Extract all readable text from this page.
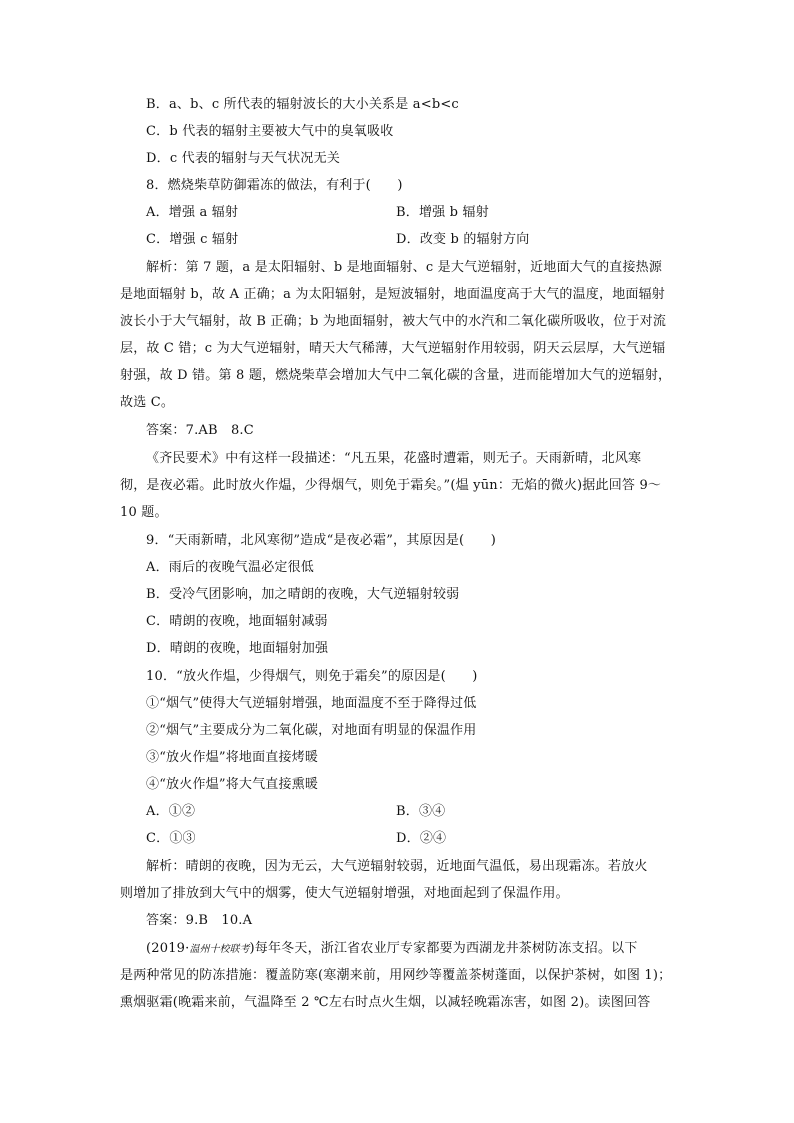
B．a、b、c 所代表的辐射波长的大小关系是 a<b<c
C．b 代表的辐射主要被大气中的臭氧吸收
D．c 代表的辐射与天气状况无关
8．燃烧柴草防御霜冻的做法，有利于(　　)
A．增强 a 辐射	B．增强 b 辐射
C．增强 c 辐射	D．改变 b 的辐射方向
解析：第 7 题，a 是太阳辐射、b 是地面辐射、c 是大气逆辐射，近地面大气的直接热源
是地面辐射 b，故 A 正确；a 为太阳辐射，是短波辐射，地面温度高于大气的温度，地面辐射
波长小于大气辐射，故 B 正确；b 为地面辐射，被大气中的水汽和二氧化碳所吸收，位于对流
层，故 C 错；c 为大气逆辐射，晴天大气稀薄，大气逆辐射作用较弱，阴天云层厚，大气逆辐
射强，故 D 错。第 8 题，燃烧柴草会增加大气中二氧化碳的含量，进而能增加大气的逆辐射，
故选 C。
答案：7.AB　8.C
《齐民要术》中有这样一段描述：“凡五果，花盛时遭霜，则无子。天雨新晴，北风寒
彻，是夜必霜。此时放火作煴，少得烟气，则免于霜矣。”(煴 yūn：无焰的微火)据此回答 9～
10 题。
9．“天雨新晴，北风寒彻”造成“是夜必霜”，其原因是(　　)
A．雨后的夜晚气温必定很低
B．受冷气团影响，加之晴朗的夜晚，大气逆辐射较弱
C．晴朗的夜晚，地面辐射减弱
D．晴朗的夜晚，地面辐射加强
10．“放火作煴，少得烟气，则免于霜矣”的原因是(　　)
①“烟气”使得大气逆辐射增强，地面温度不至于降得过低
②“烟气”主要成分为二氧化碳，对地面有明显的保温作用
③“放火作煴”将地面直接烤暖
④“放火作煴”将大气直接熏暖
A．①②	B．③④
C．①③	D．②④
解析：晴朗的夜晚，因为无云，大气逆辐射较弱，近地面气温低，易出现霜冻。若放火
则增加了排放到大气中的烟雾，使大气逆辐射增强，对地面起到了保温作用。
答案：9.B　10.A
(2019·温州十校联考)每年冬天，浙江省农业厅专家都要为西湖龙井茶树防冻支招。以下
是两种常见的防冻措施：覆盖防寒(寒潮来前，用网纱等覆盖茶树蓬面，以保护茶树，如图 1)；
熏烟驱霜(晚霜来前，气温降至 2 ℃左右时点火生烟，以减轻晚霜冻害，如图 2)。读图回答
